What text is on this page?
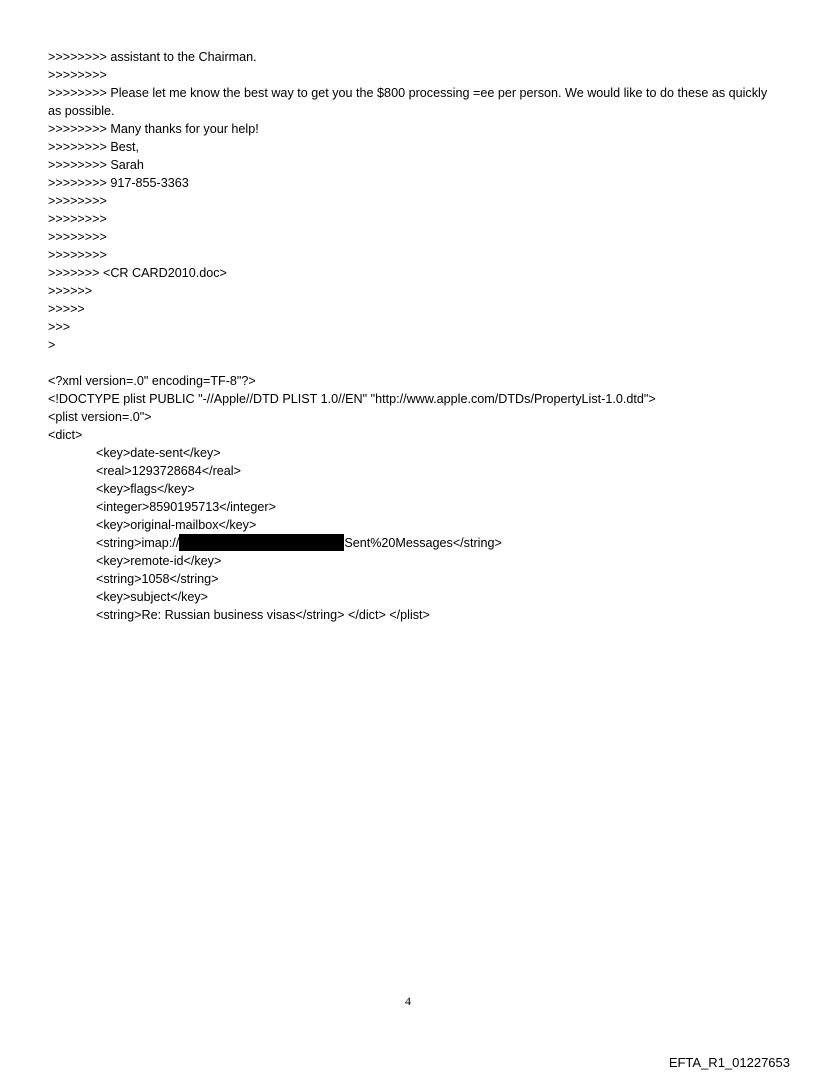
>>>>>>>> assistant to the Chairman.

>>>>>>>>

>>>>>>>> Please let me know the best way to get you the $800 processing =ee per person. We would like to do these as quickly as possible.

>>>>>>>> Many thanks for your help!

>>>>>>>> Best,

>>>>>>>> Sarah

>>>>>>>> 917-855-3363

>>>>>>>>

>>>>>>>>

>>>>>>>>

>>>>>>>>

>>>>>>> <CR CARD2010.doc>

>>>>>>

>>>>>

>>>

>

<?xml version=.0" encoding=TF-8"?>

<!DOCTYPE plist PUBLIC "-//Apple//DTD PLIST 1.0//EN" "http://www.apple.com/DTDs/PropertyList-1.0.dtd">

<plist version=.0">

<dict>

<key>date-sent</key>

<real>1293728684</real>

<key>flags</key>

<integer>8590195713</integer>

<key>original-mailbox</key>

<string>imap://	Sent%20Messages</string>

<key>remote-id</key>

<string>1058</string>

<key>subject</key>

<string>Re: Russian business visas</string> </dict> </plist>

4
EFTA_R1_01227653
